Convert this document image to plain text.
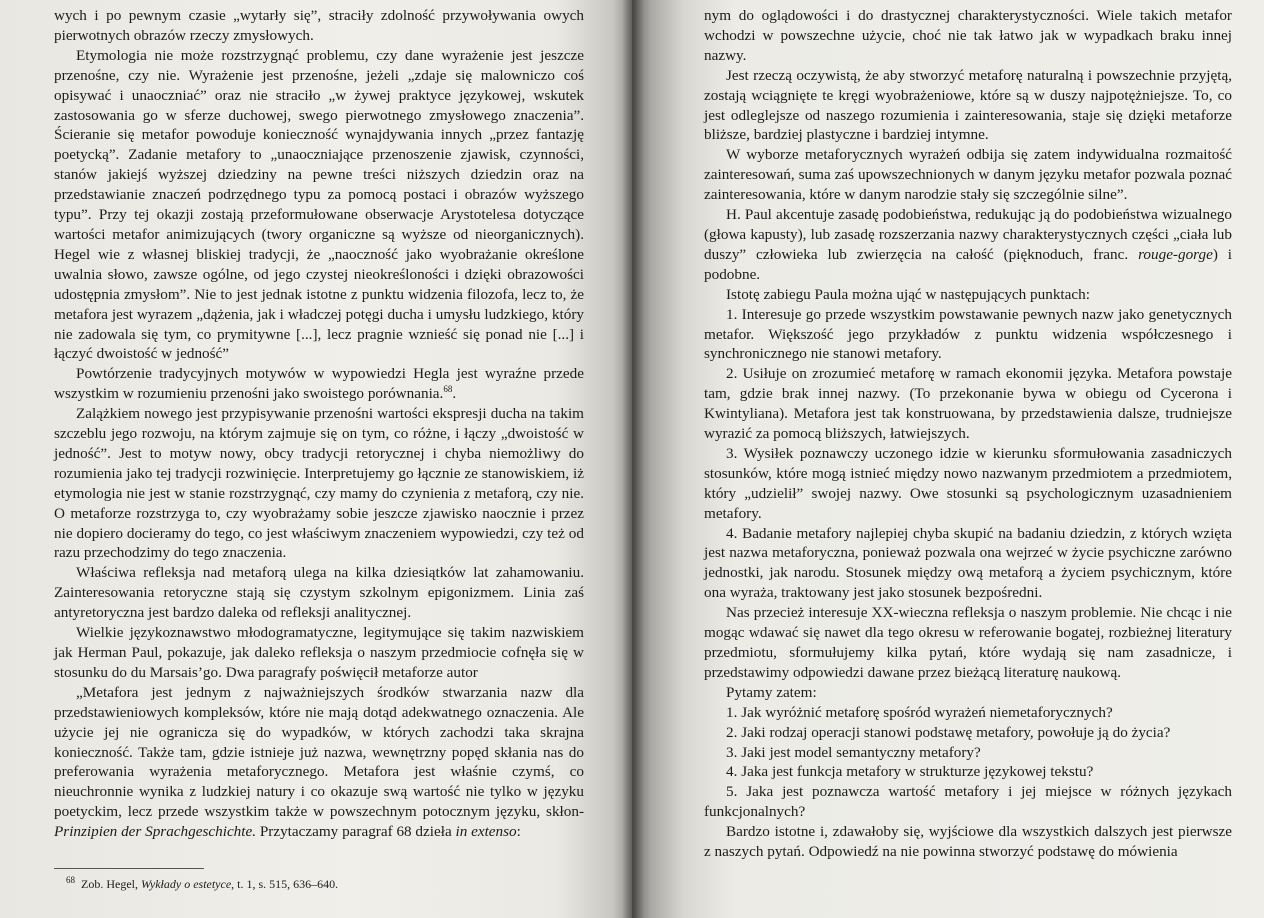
wych i po pewnym czasie „wytarły się”, straciły zdolność przywoływania owych pierwotnych obrazów rzeczy zmysłowych.

Etymologia nie może rozstrzygnąć problemu, czy dane wyrażenie jest jeszcze przenośne, czy nie. Wyrażenie jest przenośne, jeżeli „zdaje się malowniczo coś opisywać i unaoczniać” oraz nie straciło „w żywej praktyce językowej, wskutek zastosowania go w sferze duchowej, swego pierwotnego zmysłowego znaczenia”. Ścieranie się metafor powoduje konieczność wynajdywania innych „przez fantazję poetycką”. Zadanie metafory to „unaoczniające przenoszenie zjawisk, czynności, stanów jakiejś wyższej dziedziny na pewne treści niższych dziedzin oraz na przedstawianie znaczeń podrzędnego typu za pomocą postaci i obrazów wyższego typu”. Przy tej okazji zostają przeformułowane obserwacje Arystotelesa dotyczące wartości metafor animizujących (twory organiczne są wyższe od nieorganicznych). Hegel wie z własnej bliskiej tradycji, że „naoczność jako wyobrażanie określone uwalnia słowo, zawsze ogólne, od jego czystej nieokreśloności i dzięki obrazowości udostępnia zmysłom”. Nie to jest jednak istotne z punktu widzenia filozofa, lecz to, że metafora jest wyrazem „dążenia, jak i władczej potęgi ducha i umysłu ludzkiego, który nie zadowala się tym, co prymitywne [...], lecz pragnie wznieść się ponad nie [...] i łączyć dwoistość w jedność”

Powtórzenie tradycyjnych motywów w wypowiedzi Hegla jest wyraźne przede wszystkim w rozumieniu przenośni jako swoistego porównania.$^{68}$.

Zalążkiem nowego jest przypisywanie przenośni wartości ekspresji ducha na takim szczeblu jego rozwoju, na którym zajmuje się on tym, co różne, i łączy „dwoistość w jedność”. Jest to motyw nowy, obcy tradycji retorycznej i chyba niemożliwy do rozumienia jako tej tradycji rozwinięcie. Interpretujemy go łącznie ze stanowiskiem, iż etymologia nie jest w stanie rozstrzygnąć, czy mamy do czynienia z metaforą, czy nie. O metaforze rozstrzyga to, czy wyobrażamy sobie jeszcze zjawisko naocznie i przez nie dopiero docieramy do tego, co jest właściwym znaczeniem wypowiedzi, czy też od razu przechodzimy do tego znaczenia.

Właściwa refleksja nad metaforą ulega na kilka dziesiątków lat zahamowaniu. Zainteresowania retoryczne stają się czystym szkolnym epigonizmem. Linia zaś antyretoryczna jest bardzo daleka od refleksji analitycznej.

Wielkie językoznawstwo młodogramatyczne, legitymujące się takim nazwiskiem jak Herman Paul, pokazuje, jak daleko refleksja o naszym przedmiocie cofnęła się w stosunku do du Marsais’go. Dwa paragrafy poświęcił metaforze autor

„Metafora jest jednym z najważniejszych środków stwarzania nazw dla przedstawieniowych kompleksów, które nie mają dotąd adekwatnego oznaczenia. Ale użycie jej nie ogranicza się do wypadków, w których zachodzi taka skrajna konieczność. Także tam, gdzie istnieje już nazwa, wewnętrzny popęd skłania nas do preferowania wyrażenia metaforycznego. Metafora jest właśnie czymś, co nieuchronnie wynika z ludzkiej natury i co okazuje swą wartość nie tylko w języku poetyckim, lecz przede wszystkim także w powszechnym potocznym języku, skłon- Prinzipien der Sprachgeschichte. Przytaczamy paragraf 68 dzieła in extenso:

$^{68}$ Zob. Hegel, Wykłady o estetyce, t. 1, s. 515, 636–640.

nym do oglądowości i do drastycznej charakterystyczności. Wiele takich metafor wchodzi w powszechne użycie, choć nie tak łatwo jak w wypadkach braku innej nazwy.

Jest rzeczą oczywistą, że aby stworzyć metaforę naturalną i powszechnie przyjętą, zostają wciągnięte te kręgi wyobrażeniowe, które są w duszy najpotężniejsze. To, co jest odleglejsze od naszego rozumienia i zainteresowania, staje się dzięki metaforze bliższe, bardziej plastyczne i bardziej intymne.

W wyborze metaforycznych wyrażeń odbija się zatem indywidualna rozmaitość zainteresowań, suma zaś upowszechnionych w danym języku metafor pozwala poznać zainteresowania, które w danym narodzie stały się szczególnie silne”.

H. Paul akcentuje zasadę podobieństwa, redukując ją do podobieństwa wizualnego (głowa kapusty), lub zasadę rozszerzania nazwy charakterystycznych części „ciała lub duszy” człowieka lub zwierzęcia na całość (pięknoduch, franc. rouge-gorge) i podobne.

Istotę zabiegu Paula można ująć w następujących punktach:

1. Interesuje go przede wszystkim powstawanie pewnych nazw jako genetycznych metafor. Większość jego przykładów z punktu widzenia współczesnego i synchronicznego nie stanowi metafory.

2. Usiłuje on zrozumieć metaforę w ramach ekonomii języka. Metafora powstaje tam, gdzie brak innej nazwy. (To przekonanie bywa w obiegu od Cycerona i Kwintyliana). Metafora jest tak konstruowana, by przedstawienia dalsze, trudniejsze wyrazić za pomocą bliższych, łatwiejszych.

3. Wysiłek poznawczy uczonego idzie w kierunku sformułowania zasadniczych stosunków, które mogą istnieć między nowo nazwanym przedmiotem a przedmiotem, który „udzielił” swojej nazwy. Owe stosunki są psychologicznym uzasadnieniem metafory.

4. Badanie metafory najlepiej chyba skupić na badaniu dziedzin, z których wzięta jest nazwa metaforyczna, ponieważ pozwala ona wejrzeć w życie psychiczne zarówno jednostki, jak narodu. Stosunek między ową metaforą a życiem psychicznym, które ona wyraża, traktowany jest jako stosunek bezpośredni.

Nas przecież interesuje XX-wieczna refleksja o naszym problemie. Nie chcąc i nie mogąc wdawać się nawet dla tego okresu w referowanie bogatej, rozbieżnej literatury przedmiotu, sformułujemy kilka pytań, które wydają się nam zasadnicze, i przedstawimy odpowiedzi dawane przez bieżącą literaturę naukową.

Pytamy zatem:

1. Jak wyróżnić metaforę spośród wyrażeń niemetaforycznych?

2. Jaki rodzaj operacji stanowi podstawę metafory, powołuje ją do życia?

3. Jaki jest model semantyczny metafory?

4. Jaka jest funkcja metafory w strukturze językowej tekstu?

5. Jaka jest poznawcza wartość metafory i jej miejsce w różnych językach funkcjonalnych?

Bardzo istotne i, zdawałoby się, wyjściowe dla wszystkich dalszych jest pierwsze z naszych pytań. Odpowiedź na nie powinna stworzyć podstawę do mówienia
